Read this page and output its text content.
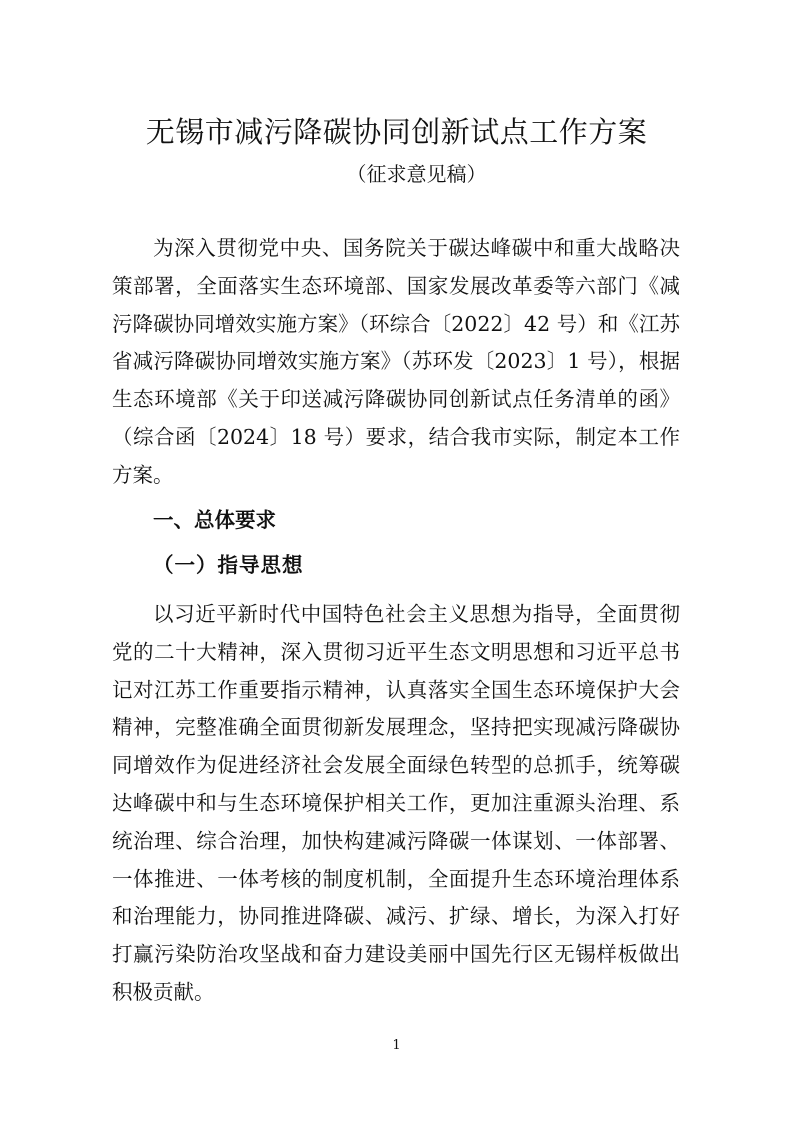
无锡市减污降碳协同创新试点工作方案
（征求意见稿）

为深入贯彻党中央、国务院关于碳达峰碳中和重大战略决策部署，全面落实生态环境部、国家发展改革委等六部门《减污降碳协同增效实施方案》（环综合〔2022〕42 号）和《江苏省减污降碳协同增效实施方案》（苏环发〔2023〕1 号），根据生态环境部《关于印送减污降碳协同创新试点任务清单的函》（综合函〔2024〕18 号）要求，结合我市实际，制定本工作方案。

一、总体要求
（一）指导思想

以习近平新时代中国特色社会主义思想为指导，全面贯彻党的二十大精神，深入贯彻习近平生态文明思想和习近平总书记对江苏工作重要指示精神，认真落实全国生态环境保护大会精神，完整准确全面贯彻新发展理念，坚持把实现减污降碳协同增效作为促进经济社会发展全面绿色转型的总抓手，统筹碳达峰碳中和与生态环境保护相关工作，更加注重源头治理、系统治理、综合治理，加快构建减污降碳一体谋划、一体部署、一体推进、一体考核的制度机制，全面提升生态环境治理体系和治理能力，协同推进降碳、减污、扩绿、增长，为深入打好打赢污染防治攻坚战和奋力建设美丽中国先行区无锡样板做出积极贡献。

1
